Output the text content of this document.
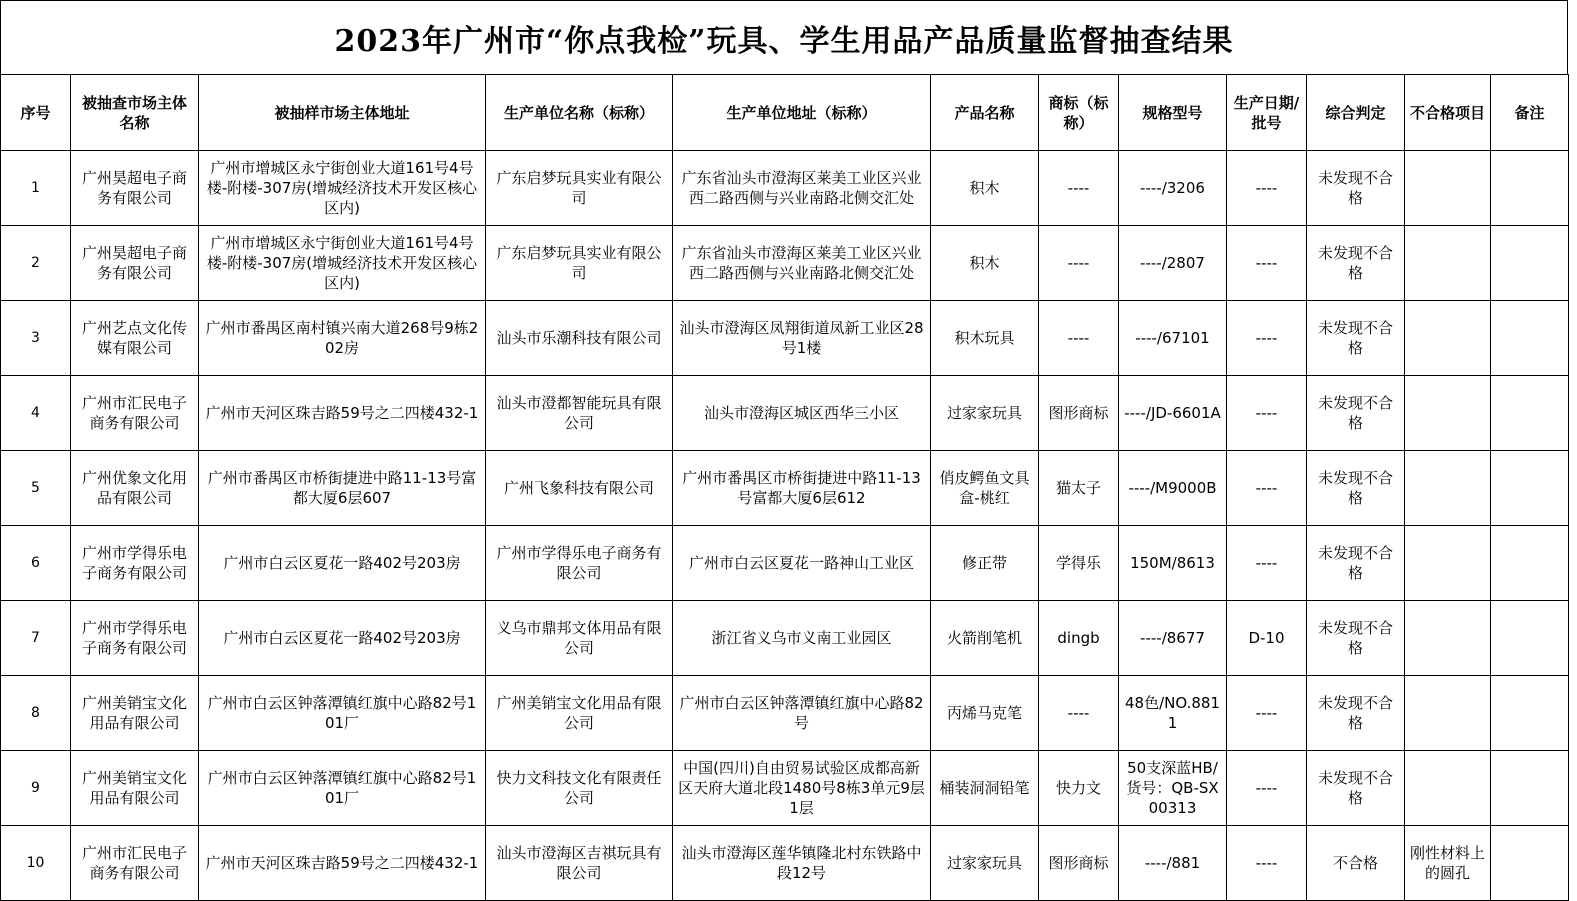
2023年广州市“你点我检”玩具、学生用品产品质量监督抽查结果
序号	被抽查市场主体名称	被抽样市场主体地址	生产单位名称（标称）	生产单位地址（标称）	产品名称	商标（标称）	规格型号	生产日期/批号	综合判定	不合格项目	备注
1	广州昊超电子商务有限公司	广州市增城区永宁街创业大道161号4号楼-附楼-307房(增城经济技术开发区核心区内)	广东启梦玩具实业有限公司	广东省汕头市澄海区莱美工业区兴业西二路西侧与兴业南路北侧交汇处	积木	----	----/3206	----	未发现不合格		
2	广州昊超电子商务有限公司	广州市增城区永宁街创业大道161号4号楼-附楼-307房(增城经济技术开发区核心区内)	广东启梦玩具实业有限公司	广东省汕头市澄海区莱美工业区兴业西二路西侧与兴业南路北侧交汇处	积木	----	----/2807	----	未发现不合格		
3	广州艺点文化传媒有限公司	广州市番禺区南村镇兴南大道268号9栋202房	汕头市乐潮科技有限公司	汕头市澄海区凤翔街道凤新工业区28号1楼	积木玩具	----	----/67101	----	未发现不合格		
4	广州市汇民电子商务有限公司	广州市天河区珠吉路59号之二四楼432-1	汕头市澄都智能玩具有限公司	汕头市澄海区城区西华三小区	过家家玩具	图形商标	----/JD-6601A	----	未发现不合格		
5	广州优象文化用品有限公司	广州市番禺区市桥街捷进中路11-13号富都大厦6层607	广州飞象科技有限公司	广州市番禺区市桥街捷进中路11-13号富都大厦6层612	俏皮鳄鱼文具盒-桃红	猫太子	----/M9000B	----	未发现不合格		
6	广州市学得乐电子商务有限公司	广州市白云区夏花一路402号203房	广州市学得乐电子商务有限公司	广州市白云区夏花一路神山工业区	修正带	学得乐	150M/8613	----	未发现不合格		
7	广州市学得乐电子商务有限公司	广州市白云区夏花一路402号203房	义乌市鼎邦文体用品有限公司	浙江省义乌市义南工业园区	火箭削笔机	dingb	----/8677	D-10	未发现不合格		
8	广州美销宝文化用品有限公司	广州市白云区钟落潭镇红旗中心路82号101厂	广州美销宝文化用品有限公司	广州市白云区钟落潭镇红旗中心路82号	丙烯马克笔	----	48色/NO.8811	----	未发现不合格		
9	广州美销宝文化用品有限公司	广州市白云区钟落潭镇红旗中心路82号101厂	快力文科技文化有限责任公司	中国(四川)自由贸易试验区成都高新区天府大道北段1480号8栋3单元9层1层	桶装洞洞铅笔	快力文	50支深蓝HB/货号：QB-SX00313	----	未发现不合格		
10	广州市汇民电子商务有限公司	广州市天河区珠吉路59号之二四楼432-1	汕头市澄海区吉祺玩具有限公司	汕头市澄海区莲华镇隆北村东铁路中段12号	过家家玩具	图形商标	----/881	----	不合格	刚性材料上的圆孔	
